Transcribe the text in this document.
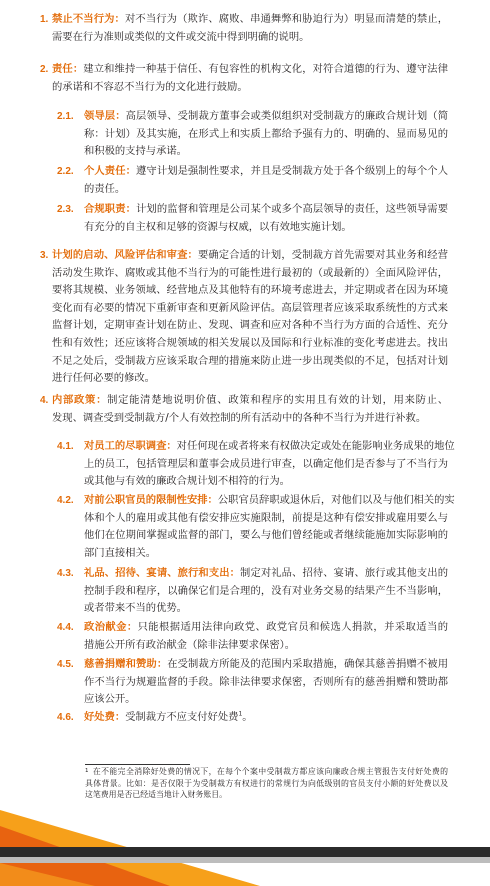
1. 禁止不当行为：对不当行为（欺诈、腐败、串通舞弊和胁迫行为）明显而清楚的禁止，
需要在行为准则或类似的文件或交流中得到明确的说明。
2. 责任：建立和维持一种基于信任、有包容性的机构文化，对符合道德的行为、遵守法律
的承诺和不容忍不当行为的文化进行鼓励。
2.1. 领导层：高层领导、受制裁方董事会或类似组织对受制裁方的廉政合规计划（简
称：计划）及其实施，在形式上和实质上都给予强有力的、明确的、显而易见的
和积极的支持与承诺。
2.2. 个人责任：遵守计划是强制性要求，并且是受制裁方处于各个级别上的每个个人
的责任。
2.3. 合规职责：计划的监督和管理是公司某个或多个高层领导的责任，这些领导需要
有充分的自主权和足够的资源与权威，以有效地实施计划。
3. 计划的启动、风险评估和审查：要确定合适的计划，受制裁方首先需要对其业务和经营
活动发生欺诈、腐败或其他不当行为的可能性进行最初的（或最新的）全面风险评估，
要将其规模、业务领域、经营地点及其他特有的环境考虑进去，并定期或者在因为环境
变化而有必要的情况下重新审查和更新风险评估。高层管理者应该采取系统性的方式来
监督计划，定期审查计划在防止、发现、调查和应对各种不当行为方面的合适性、充分
性和有效性；还应该将合规领域的相关发展以及国际和行业标准的变化考虑进去。找出
不足之处后，受制裁方应该采取合理的措施来防止进一步出现类似的不足，包括对计划
进行任何必要的修改。
4. 内部政策：制定能清楚地说明价值、政策和程序的实用且有效的计划，用来防止、
发现、调查受到受制裁方/个人有效控制的所有活动中的各种不当行为并进行补救。
4.1. 对员工的尽职调查：对任何现在或者将来有权做决定或处在能影响业务成果的地位
上的员工，包括管理层和董事会成员进行审查，以确定他们是否参与了不当行为
或其他与有效的廉政合规计划不相符的行为。
4.2. 对前公职官员的限制性安排：公职官员辞职或退休后，对他们以及与他们相关的实
体和个人的雇用或其他有偿安排应实施限制，前提是这种有偿安排或雇用要么与
他们在位期间掌握或监督的部门，要么与他们曾经能或者继续能施加实际影响的
部门直接相关。
4.3. 礼品、招待、宴请、旅行和支出：制定对礼品、招待、宴请、旅行或其他支出的
控制手段和程序，以确保它们是合理的，没有对业务交易的结果产生不当影响，
或者带来不当的优势。
4.4. 政治献金：只能根据适用法律向政党、政党官员和候选人捐款，并采取适当的
措施公开所有政治献金（除非法律要求保密）。
4.5. 慈善捐赠和赞助：在受制裁方所能及的范围内采取措施，确保其慈善捐赠不被用
作不当行为规避监督的手段。除非法律要求保密，否则所有的慈善捐赠和赞助都
应该公开。
4.6. 好处费：受制裁方不应支付好处费$^1$。
$^1$ 在不能完全消除好处费的情况下，在每个个案中受制裁方都应该向廉政合规主管报告支付好处费的
具体背景。比如：是否仅限于为受制裁方有权进行的常规行为向低级别的官员支付小额的好处费以及
这笔费用是否已经适当地计入财务账目。
